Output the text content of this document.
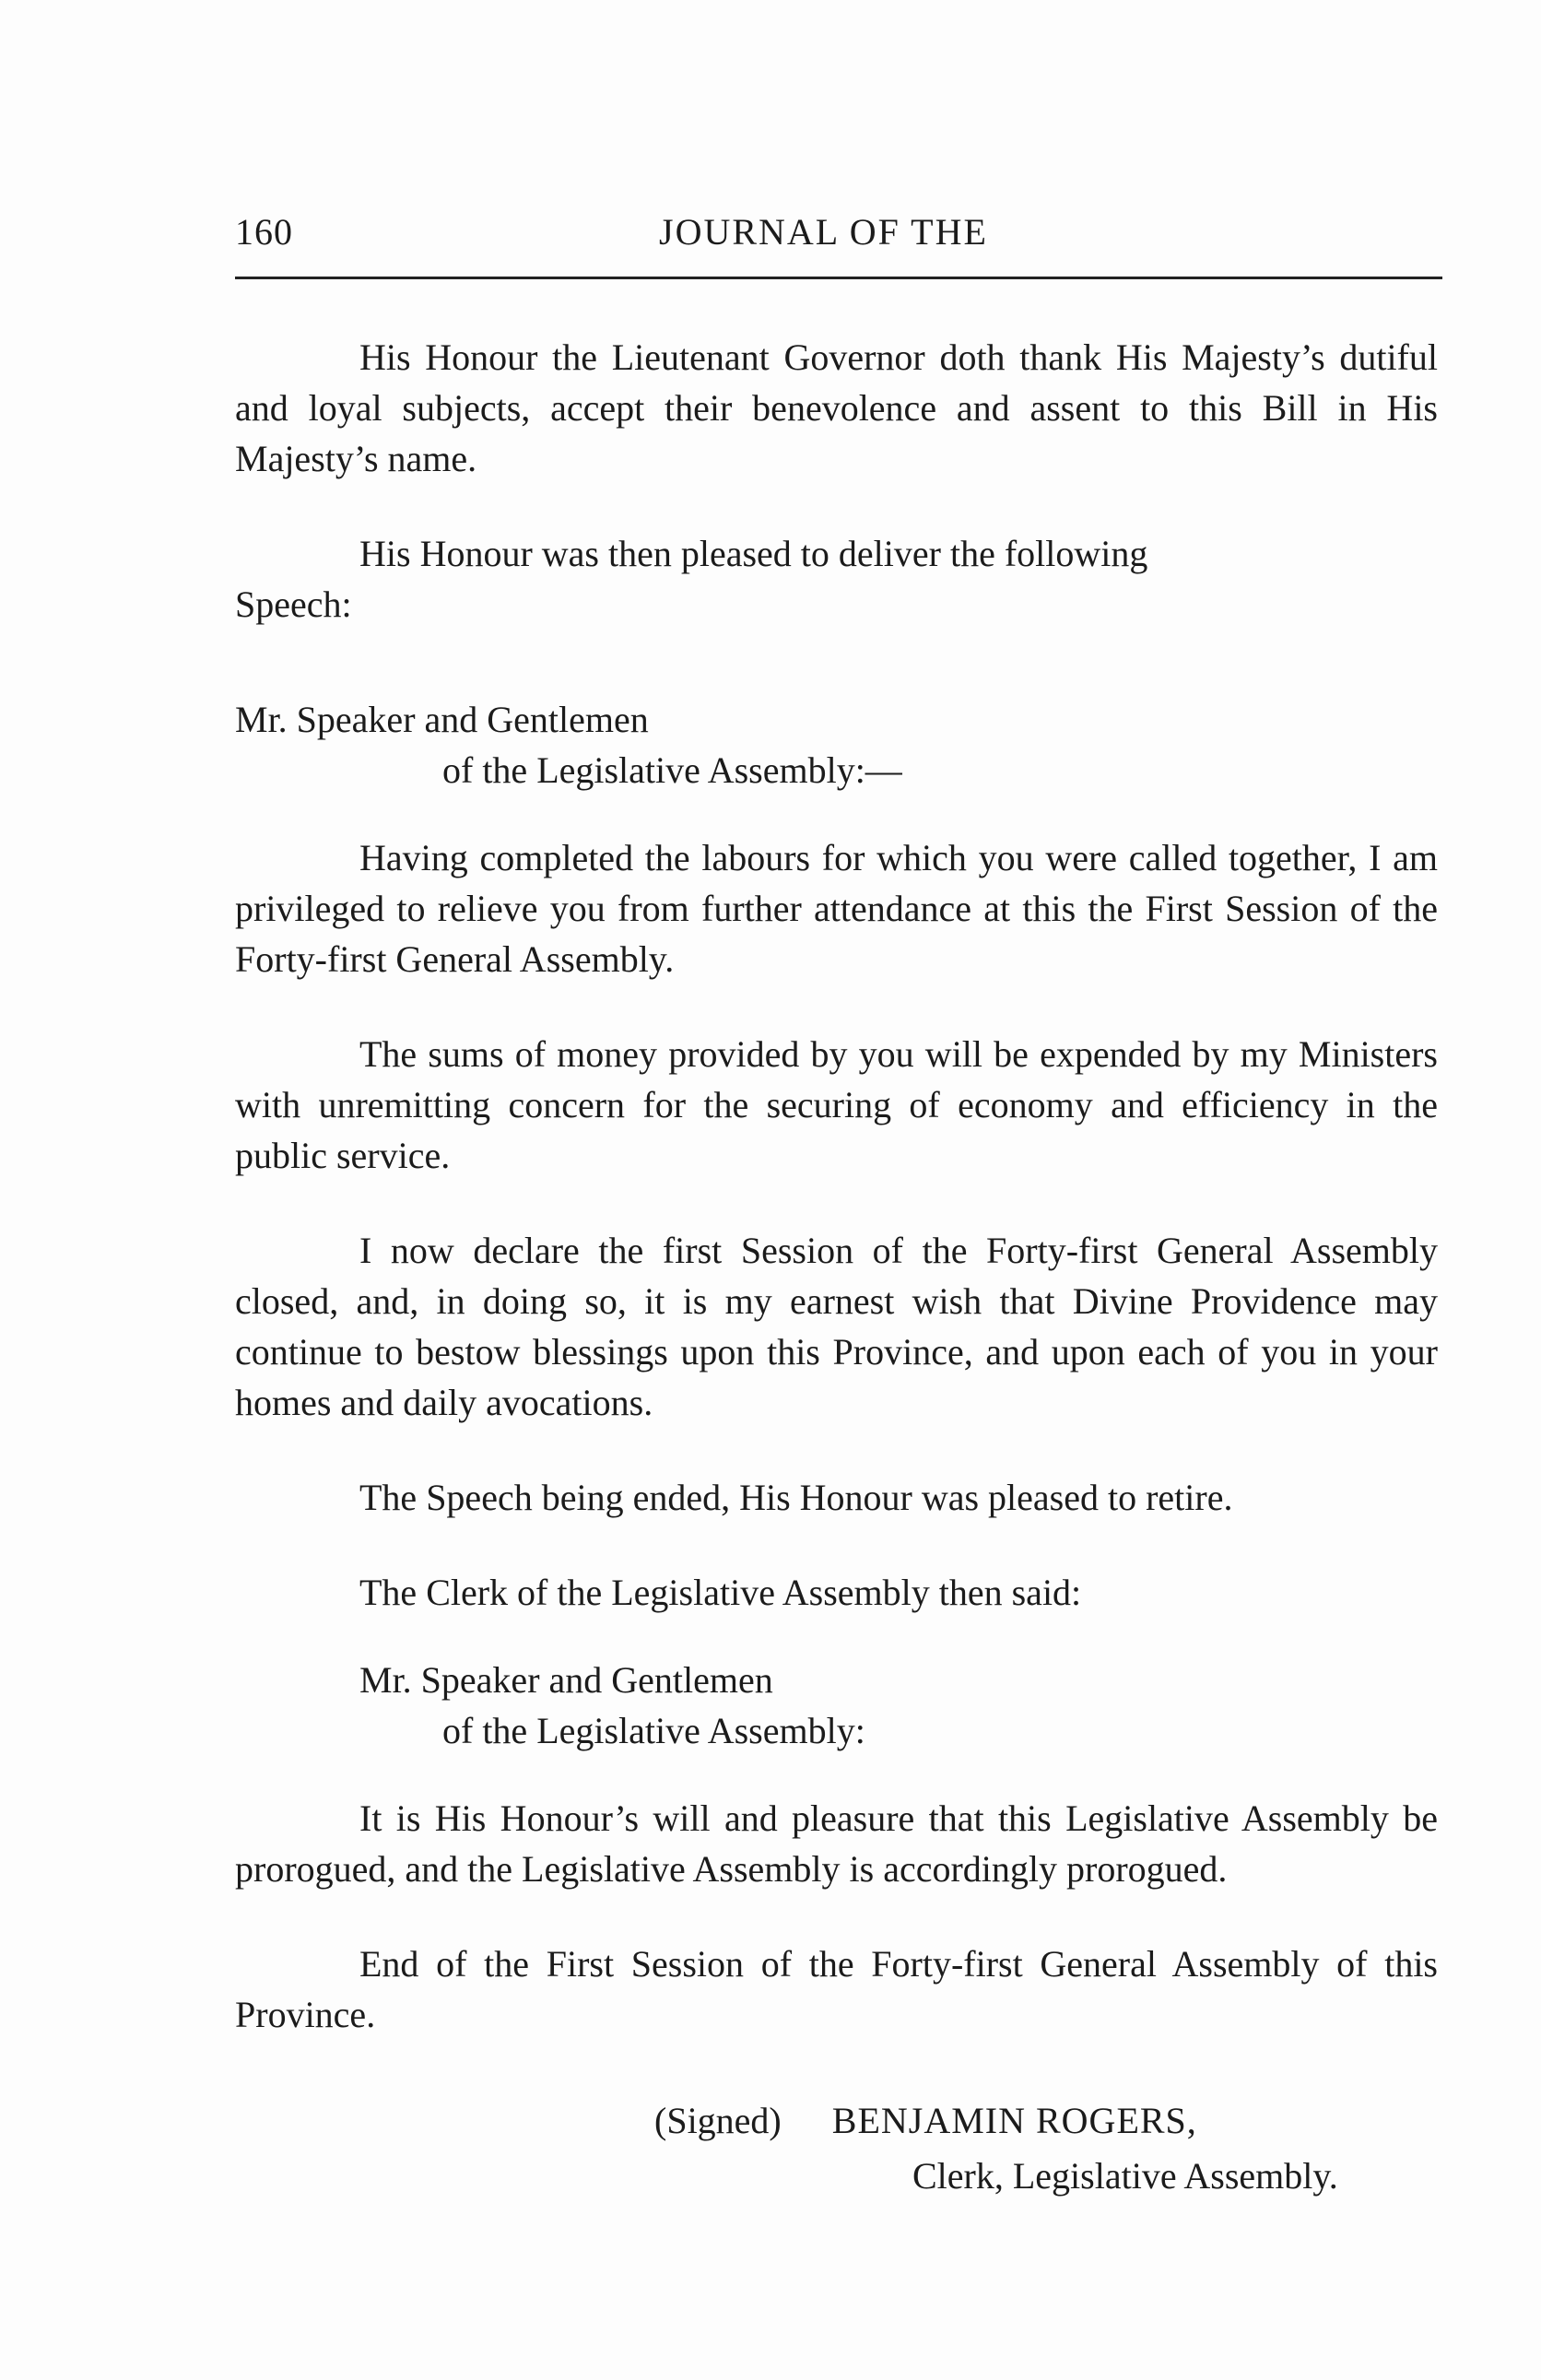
160	JOURNAL OF THE

His Honour the Lieutenant Governor doth thank His Majesty’s dutiful and loyal subjects, accept their benevolence and assent to this Bill in His Majesty’s name.

His Honour was then pleased to deliver the following
Speech:
Mr. Speaker and Gentlemen
of the Legislative Assembly:—

Having completed the labours for which you were called together, I am privileged to relieve you from further attendance at this the First Session of the Forty-first General Assembly.

The sums of money provided by you will be expended by my Ministers with unremitting concern for the securing of economy and efficiency in the public service.

I now declare the first Session of the Forty-first General Assembly closed, and, in doing so, it is my earnest wish that Divine Providence may continue to bestow blessings upon this Province, and upon each of you in your homes and daily avocations.

The Speech being ended, His Honour was pleased to retire.

The Clerk of the Legislative Assembly then said:

Mr. Speaker and Gentlemen
of the Legislative Assembly:

It is His Honour’s will and pleasure that this Legislative Assembly be prorogued, and the Legislative Assembly is accordingly prorogued.

End of the First Session of the Forty-first General Assembly of this Province.

(Signed) BENJAMIN ROGERS,
Clerk, Legislative Assembly.
